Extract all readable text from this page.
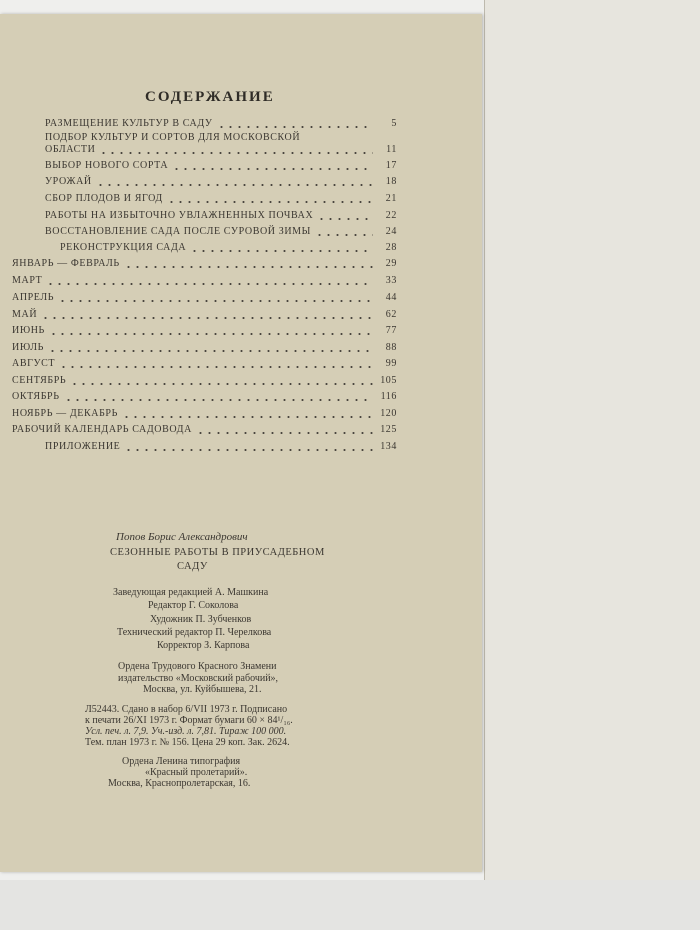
СОДЕРЖАНИЕ
РАЗМЕЩЕНИЕ КУЛЬТУР В САДУ	5
ПОДБОР КУЛЬТУР И СОРТОВ ДЛЯ МОСКОВСКОЙ
ОБЛАСТИ	11
ВЫБОР НОВОГО СОРТА	17
УРОЖАЙ	18
СБОР ПЛОДОВ И ЯГОД	21
РАБОТЫ НА ИЗБЫТОЧНО УВЛАЖНЕННЫХ ПОЧВАХ	22
ВОССТАНОВЛЕНИЕ САДА ПОСЛЕ СУРОВОЙ ЗИМЫ	24
РЕКОНСТРУКЦИЯ САДА	28
ЯНВАРЬ — ФЕВРАЛЬ	29
МАРТ	33
АПРЕЛЬ	44
МАЙ	62
ИЮНЬ	77
ИЮЛЬ	88
АВГУСТ	99
СЕНТЯБРЬ	105
ОКТЯБРЬ	116
НОЯБРЬ — ДЕКАБРЬ	120
РАБОЧИЙ КАЛЕНДАРЬ САДОВОДА	125
ПРИЛОЖЕНИЕ	134
Попов Борис Александрович
СЕЗОННЫЕ РАБОТЫ В ПРИУСАДЕБНОМ
САДУ
Заведующая редакцией А. Машкина
Редактор Г. Соколова
Художник П. Зубченков
Технический редактор П. Черелкова
Корректор З. Карпова
Ордена Трудового Красного Знамени
издательство «Московский рабочий»,
Москва, ул. Куйбышева, 21.
Л52443. Сдано в набор 6/VII 1973 г. Подписано
к печати 26/XI 1973 г. Формат бумаги 60 × 84¹/₁₆.
Усл. печ. л. 7,9. Уч.-изд. л. 7,81. Тираж 100 000.
Тем. план 1973 г. № 156. Цена 29 коп. Зак. 2624.
Ордена Ленина типография
«Красный пролетарий».
Москва, Краснопролетарская, 16.
